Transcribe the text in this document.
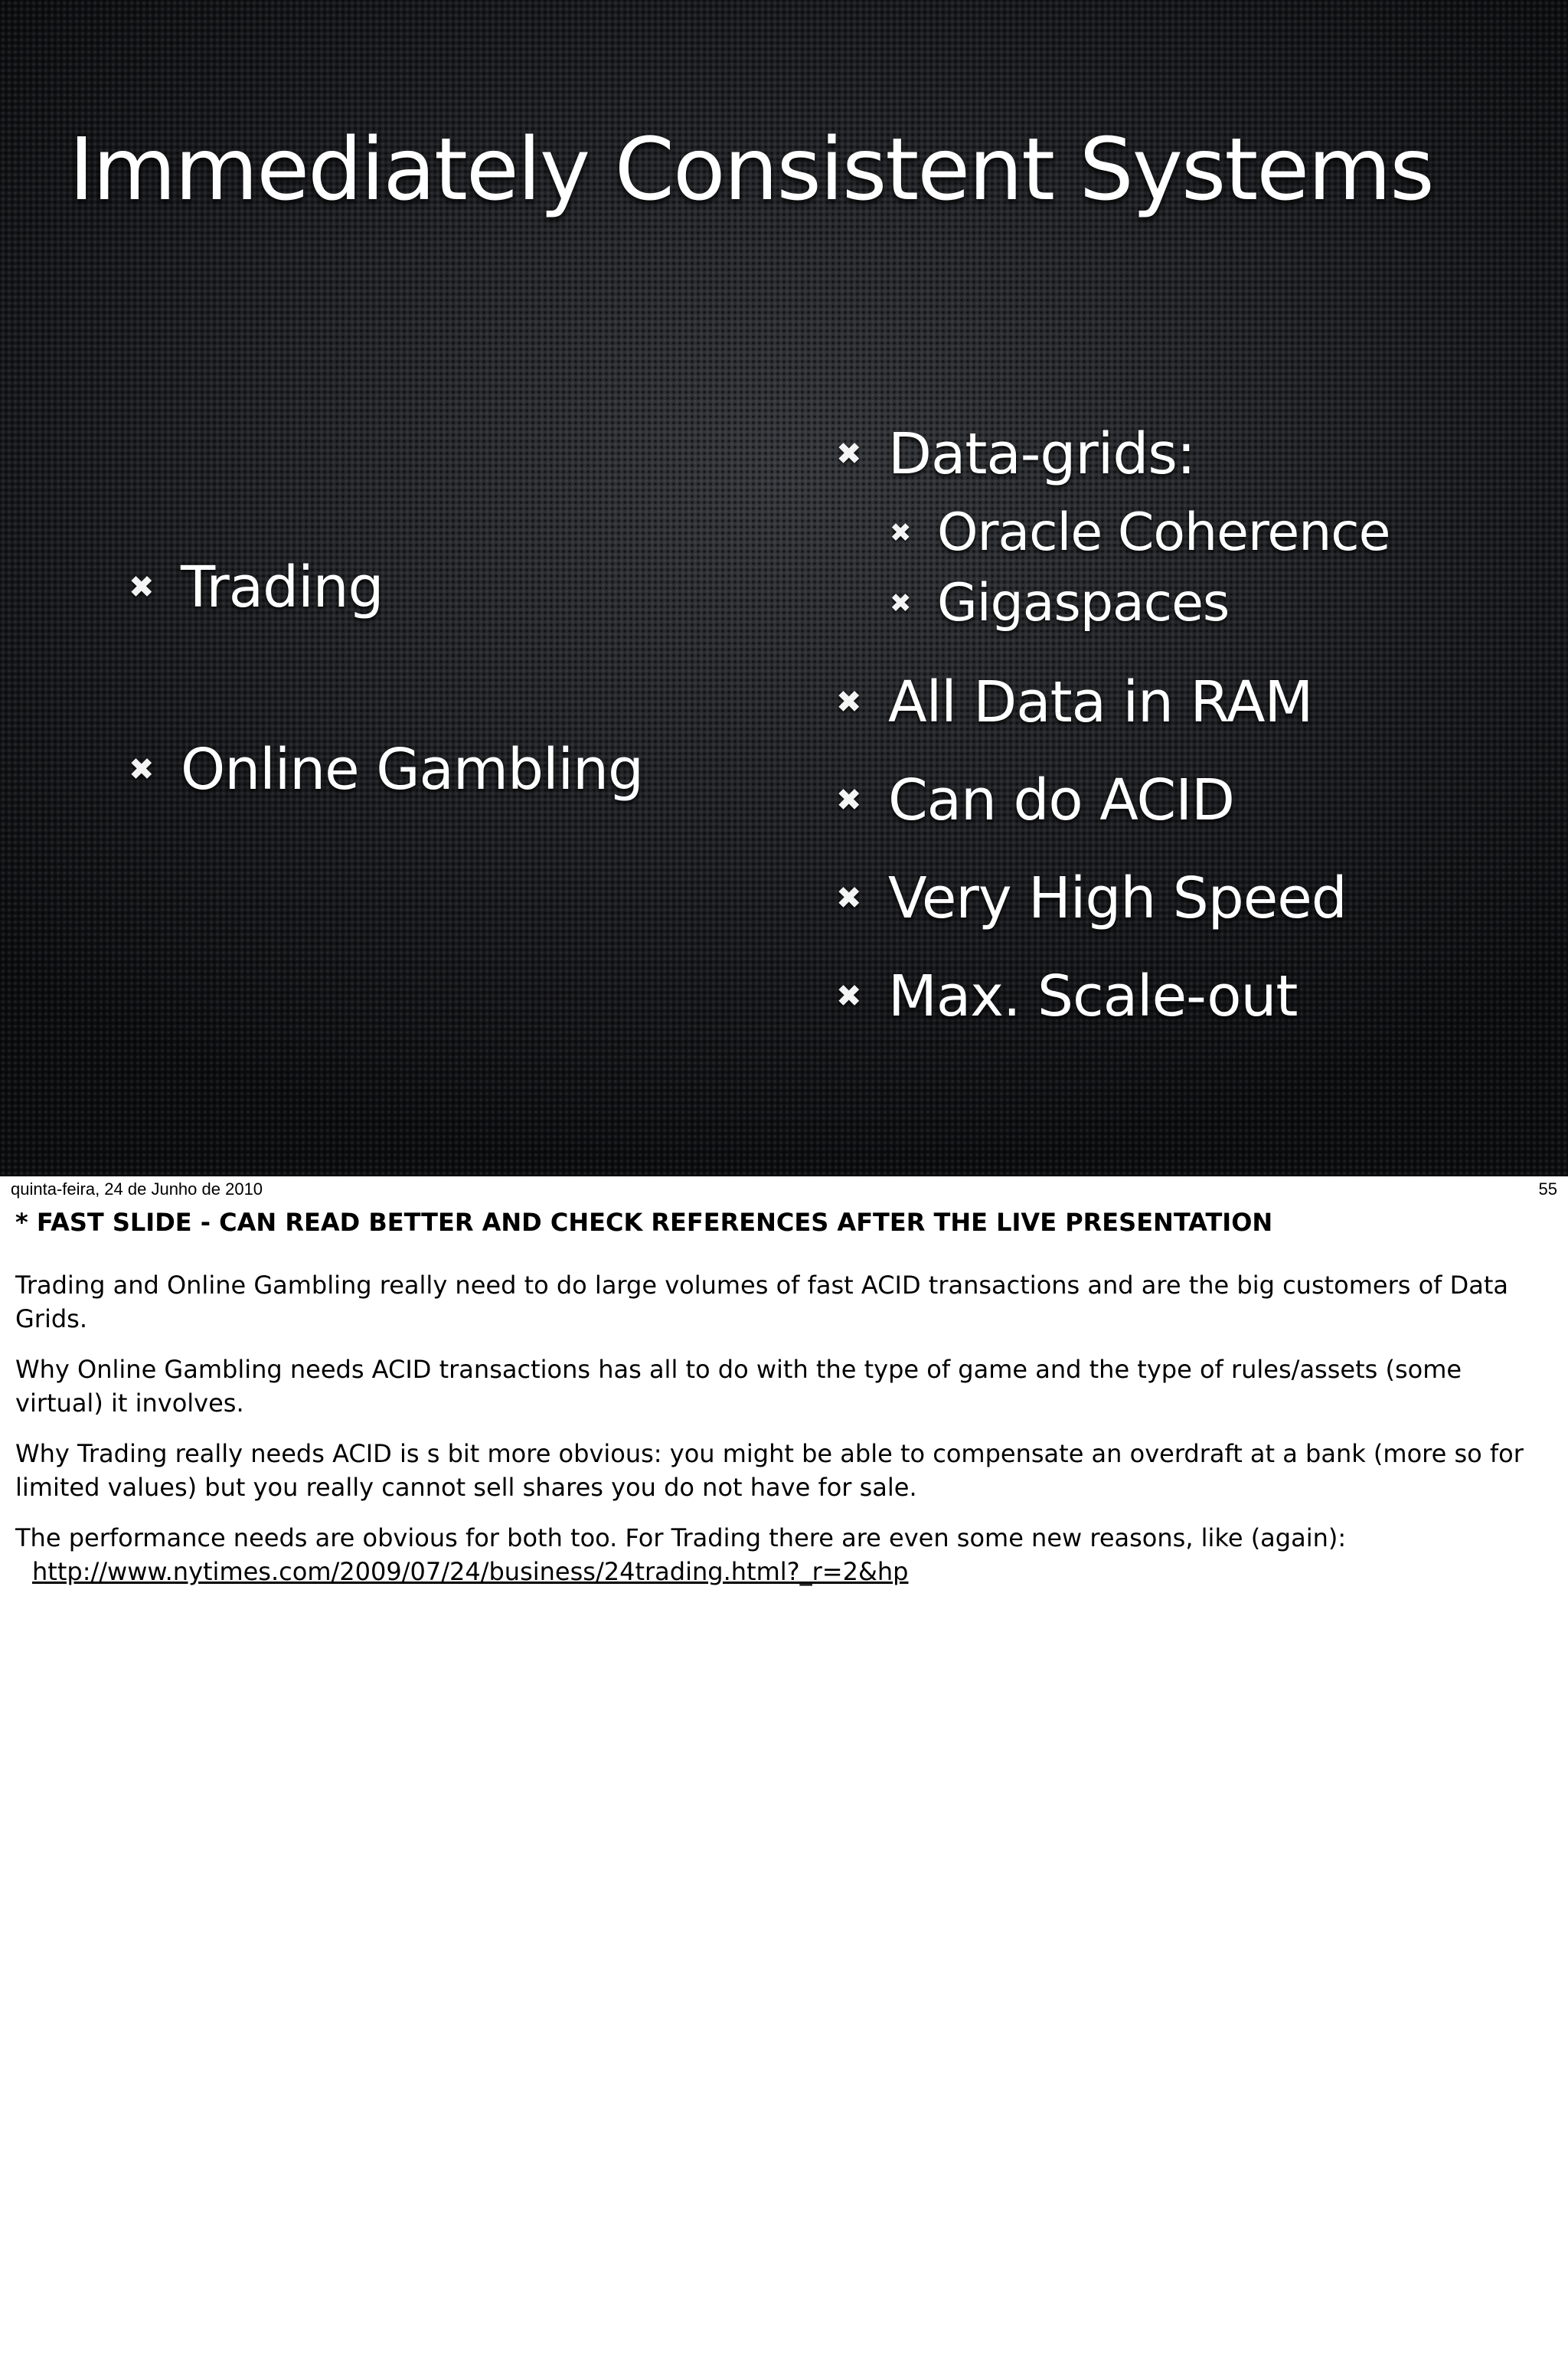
Immediately Consistent Systems
✖ Trading
✖ Online Gambling
✖ Data-grids:
✖ Oracle Coherence
✖ Gigaspaces
✖ All Data in RAM
✖ Can do ACID
✖ Very High Speed
✖ Max. Scale-out
quinta-feira, 24 de Junho de 2010	55

* FAST SLIDE - CAN READ BETTER AND CHECK REFERENCES AFTER THE LIVE PRESENTATION

Trading and Online Gambling really need to do large volumes of fast ACID transactions and are the big customers of Data Grids.

Why Online Gambling needs ACID transactions has all to do with the type of game and the type of rules/assets (some virtual) it involves.

Why Trading really needs ACID is s bit more obvious: you might be able to compensate an overdraft at a bank (more so for limited values) but you really cannot sell shares you do not have for sale.

The performance needs are obvious for both too. For Trading there are even some new reasons, like (again):
http://www.nytimes.com/2009/07/24/business/24trading.html?_r=2&hp
